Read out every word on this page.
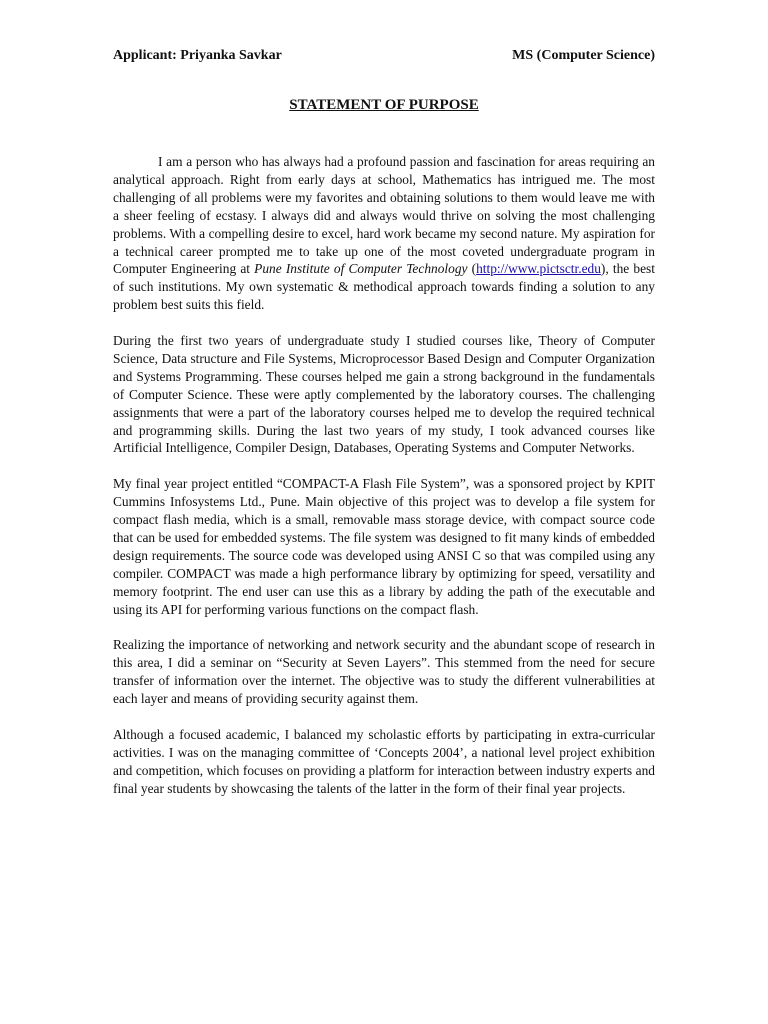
Applicant: Priyanka Savkar	MS (Computer Science)
STATEMENT OF PURPOSE

I am a person who has always had a profound passion and fascination for areas requiring an analytical approach. Right from early days at school, Mathematics has intrigued me. The most challenging of all problems were my favorites and obtaining solutions to them would leave me with a sheer feeling of ecstasy. I always did and always would thrive on solving the most challenging problems. With a compelling desire to excel, hard work became my second nature. My aspiration for a technical career prompted me to take up one of the most coveted undergraduate program in Computer Engineering at Pune Institute of Computer Technology (http://www.pictsctr.edu), the best of such institutions. My own systematic & methodical approach towards finding a solution to any problem best suits this field.

During the first two years of undergraduate study I studied courses like, Theory of Computer Science, Data structure and File Systems, Microprocessor Based Design and Computer Organization and Systems Programming. These courses helped me gain a strong background in the fundamentals of Computer Science. These were aptly complemented by the laboratory courses. The challenging assignments that were a part of the laboratory courses helped me to develop the required technical and programming skills. During the last two years of my study, I took advanced courses like Artificial Intelligence, Compiler Design, Databases, Operating Systems and Computer Networks.

My final year project entitled “COMPACT-A Flash File System”, was a sponsored project by KPIT Cummins Infosystems Ltd., Pune. Main objective of this project was to develop a file system for compact flash media, which is a small, removable mass storage device, with compact source code that can be used for embedded systems. The file system was designed to fit many kinds of embedded design requirements. The source code was developed using ANSI C so that was compiled using any compiler. COMPACT was made a high performance library by optimizing for speed, versatility and memory footprint. The end user can use this as a library by adding the path of the executable and using its API for performing various functions on the compact flash.

Realizing the importance of networking and network security and the abundant scope of research in this area, I did a seminar on “Security at Seven Layers”. This stemmed from the need for secure transfer of information over the internet. The objective was to study the different vulnerabilities at each layer and means of providing security against them.

Although a focused academic, I balanced my scholastic efforts by participating in extra-curricular activities. I was on the managing committee of ‘Concepts 2004’, a national level project exhibition and competition, which focuses on providing a platform for interaction between industry experts and final year students by showcasing the talents of the latter in the form of their final year projects.
